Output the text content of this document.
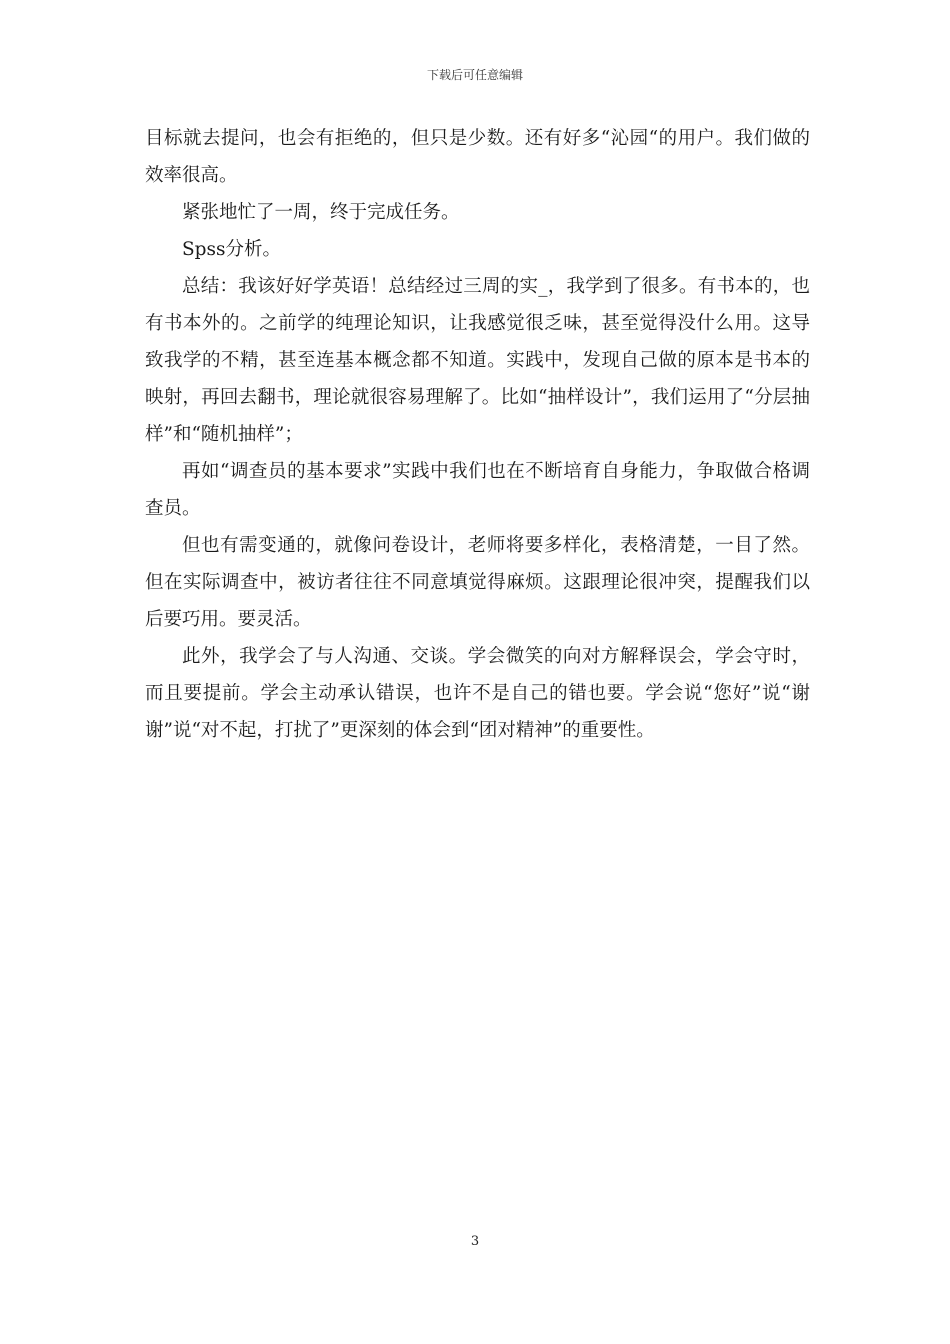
下载后可任意编辑

目标就去提问，也会有拒绝的，但只是少数。还有好多“沁园“的用户。我们做的效率很高。

紧张地忙了一周，终于完成任务。

Spss分析。

总结：我该好好学英语！总结经过三周的实_，我学到了很多。有书本的，也有书本外的。之前学的纯理论知识，让我感觉很乏味，甚至觉得没什么用。这导致我学的不精，甚至连基本概念都不知道。实践中，发现自己做的原本是书本的映射，再回去翻书，理论就很容易理解了。比如“抽样设计”，我们运用了“分层抽样”和“随机抽样”；

再如“调查员的基本要求”实践中我们也在不断培育自身能力，争取做合格调查员。

但也有需变通的，就像问卷设计，老师将要多样化，表格清楚，一目了然。但在实际调查中，被访者往往不同意填觉得麻烦。这跟理论很冲突，提醒我们以后要巧用。要灵活。

此外，我学会了与人沟通、交谈。学会微笑的向对方解释误会，学会守时，而且要提前。学会主动承认错误，也许不是自己的错也要。学会说“您好”说“谢谢”说“对不起，打扰了”更深刻的体会到“团对精神”的重要性。

3
